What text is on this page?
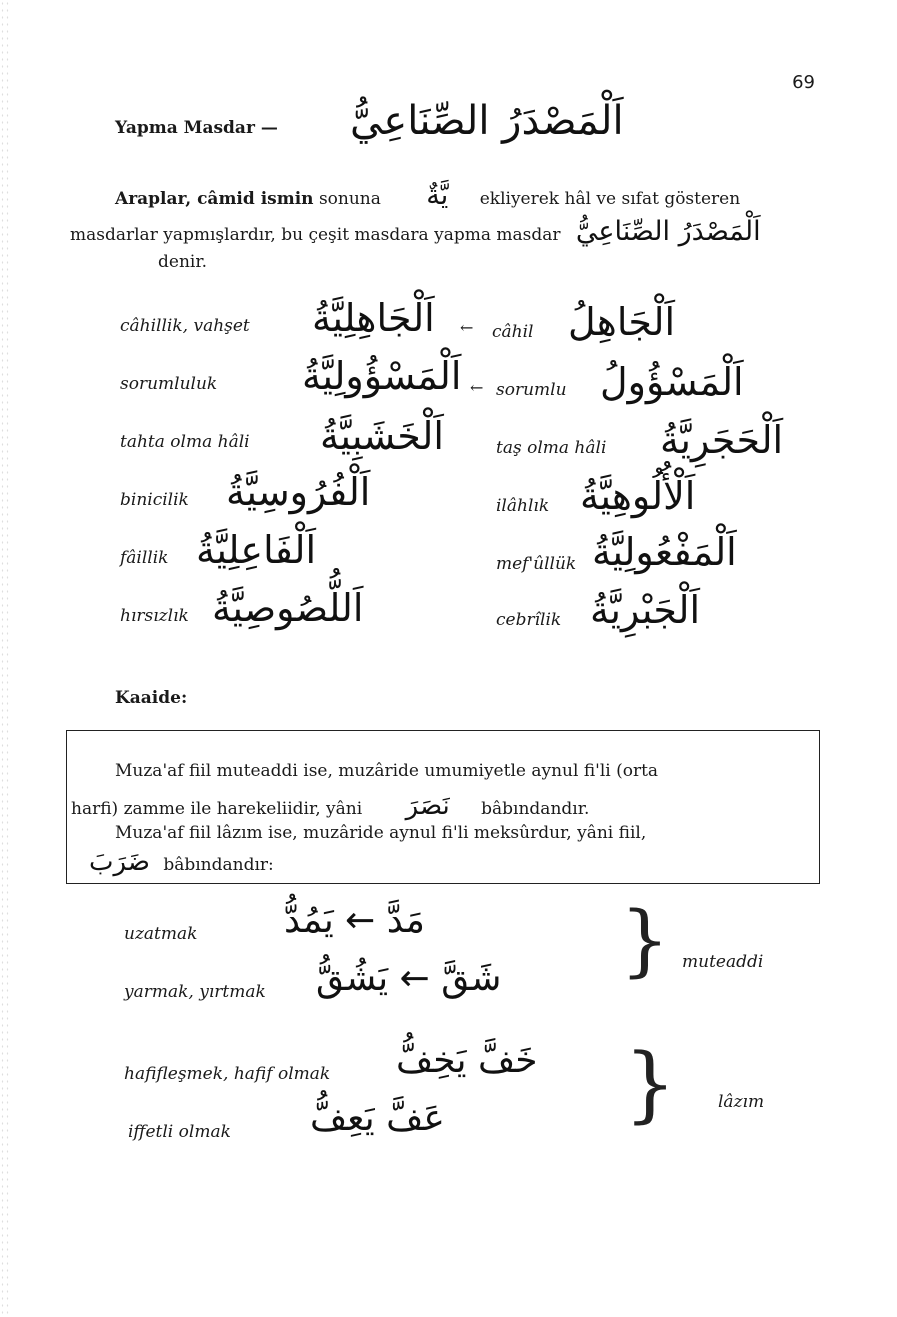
69
Yapma Masdar — اَلْمَصْدَرُ الصِّنَاعِيُّ
Araplar, câmid ismin sonuna يَّةٌ ekliyerek hâl ve sıfat gösteren
masdarlar yapmışlardır, bu çeşit masdara yapma masdar اَلْمَصْدَرُ الصِّنَاعِيُّ
denir.
câhillik, vahşet اَلْجَاهِلِيَّةُ ← câhil اَلْجَاهِلُ
sorumluluk اَلْمَسْؤُولِيَّةُ ← sorumlu اَلْمَسْؤُولُ
tahta olma hâli اَلْخَشَبِيَّةُ	taş olma hâli اَلْحَجَرِيَّةُ
binicilik اَلْفُرُوسِيَّةُ	ilâhlık اَلْأُلُوهِيَّةُ
fâillik اَلْفَاعِلِيَّةُ	mef'ûllük اَلْمَفْعُولِيَّةُ
hırsızlık اَللُّصُوصِيَّةُ	cebrîlik اَلْجَبْرِيَّةُ
Kaaide:
Muza'af fiil muteaddi ise, muzâride umumiyetle aynul fi'li (orta
harfi) zamme ile harekeliidir, yâni نَصَرَ bâbındandır.
Muza'af fiil lâzım ise, muzâride aynul fi'li meksûrdur, yâni fiil,
ضَرَبَ bâbındandır:
uzatmak مَدَّ ← يَمُدُّ
yarmak, yırtmak شَقَّ ← يَشُقُّ } muteaddi
hafifleşmek, hafif olmak خَفَّ يَخِفُّ
iffetli olmak عَفَّ يَعِفُّ } lâzım
